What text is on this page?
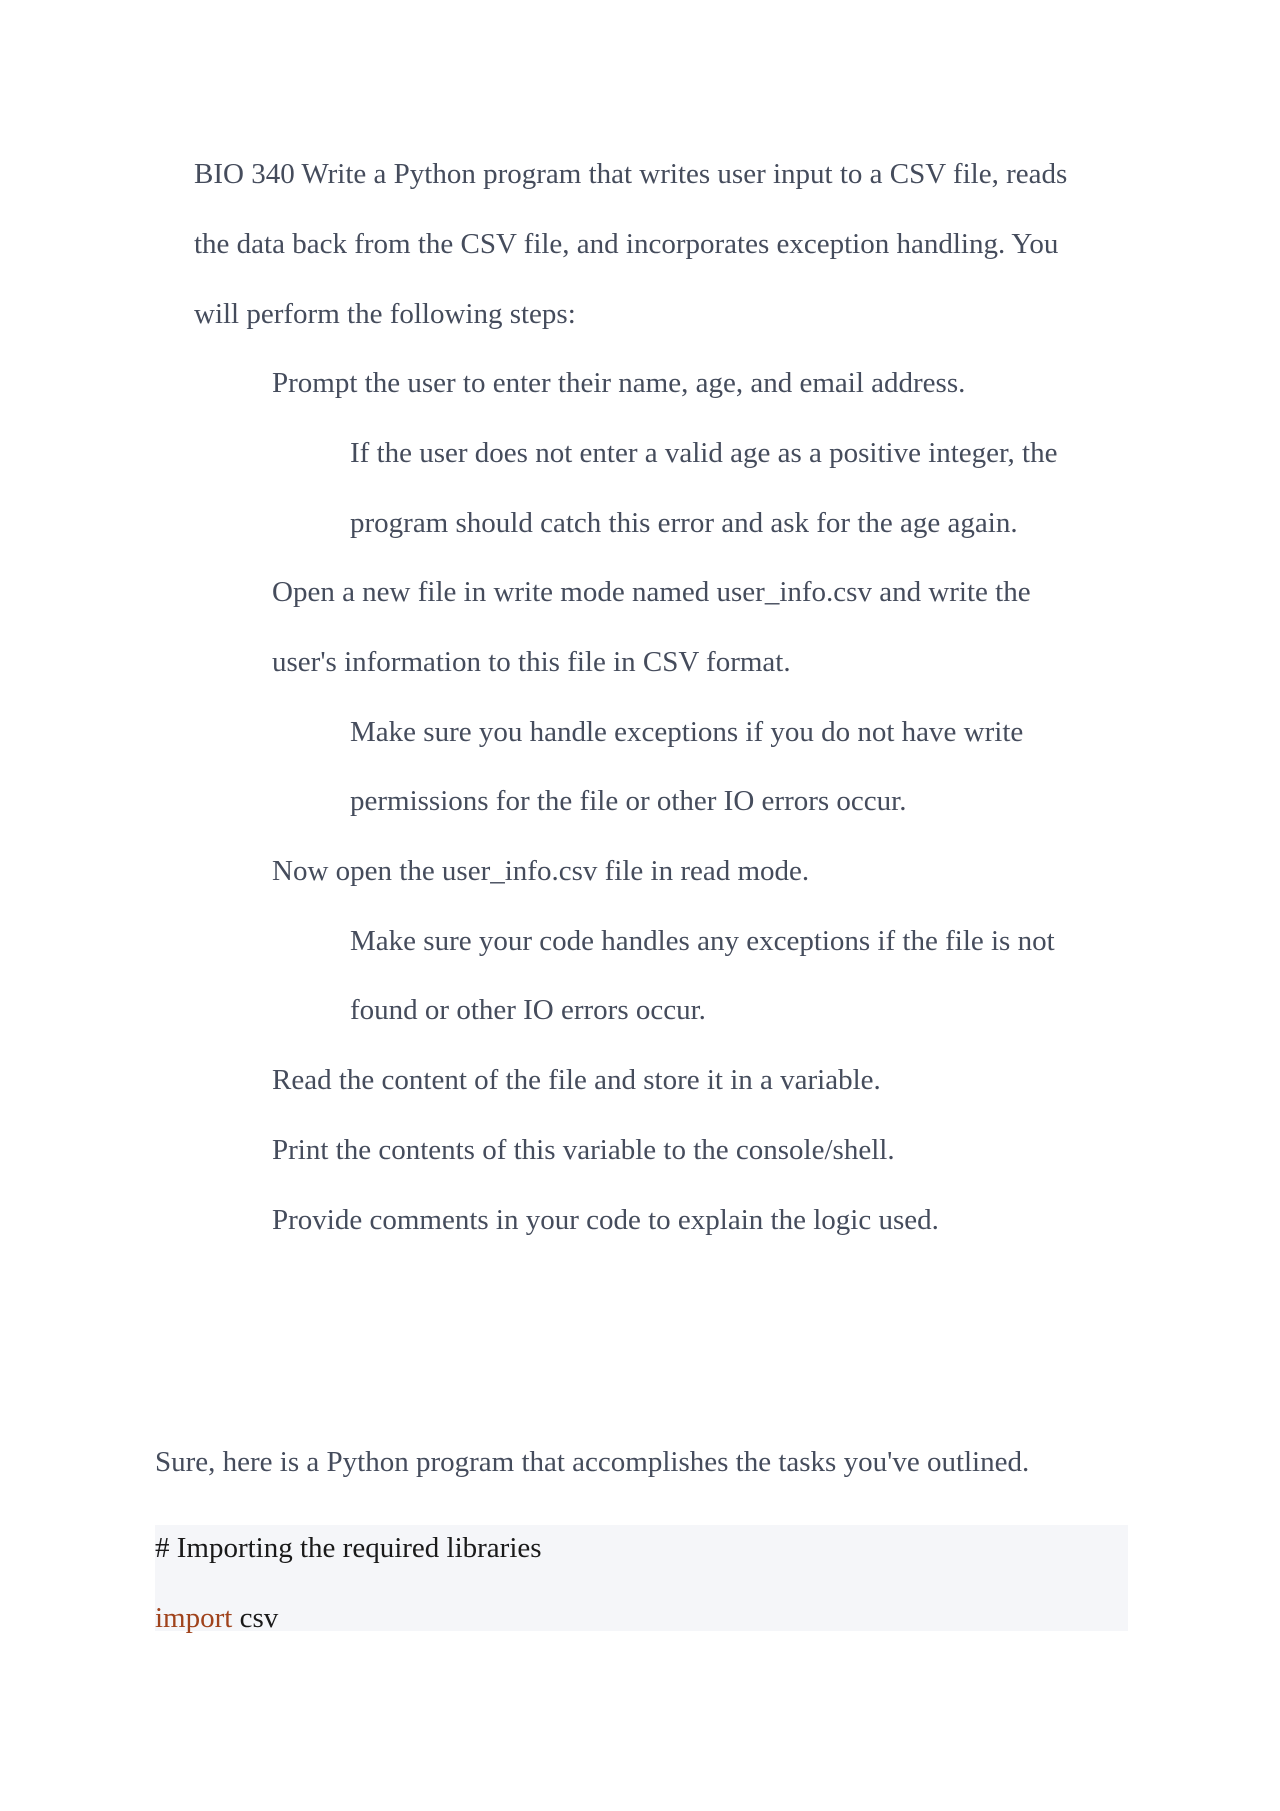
BIO 340 Write a Python program that writes user input to a CSV file, reads
the data back from the CSV file, and incorporates exception handling. You
will perform the following steps:
Prompt the user to enter their name, age, and email address.
If the user does not enter a valid age as a positive integer, the
program should catch this error and ask for the age again.
Open a new file in write mode named user_info.csv and write the
user's information to this file in CSV format.
Make sure you handle exceptions if you do not have write
permissions for the file or other IO errors occur.
Now open the user_info.csv file in read mode.
Make sure your code handles any exceptions if the file is not
found or other IO errors occur.
Read the content of the file and store it in a variable.
Print the contents of this variable to the console/shell.
Provide comments in your code to explain the logic used.
Sure, here is a Python program that accomplishes the tasks you've outlined.
# Importing the required libraries
import csv
